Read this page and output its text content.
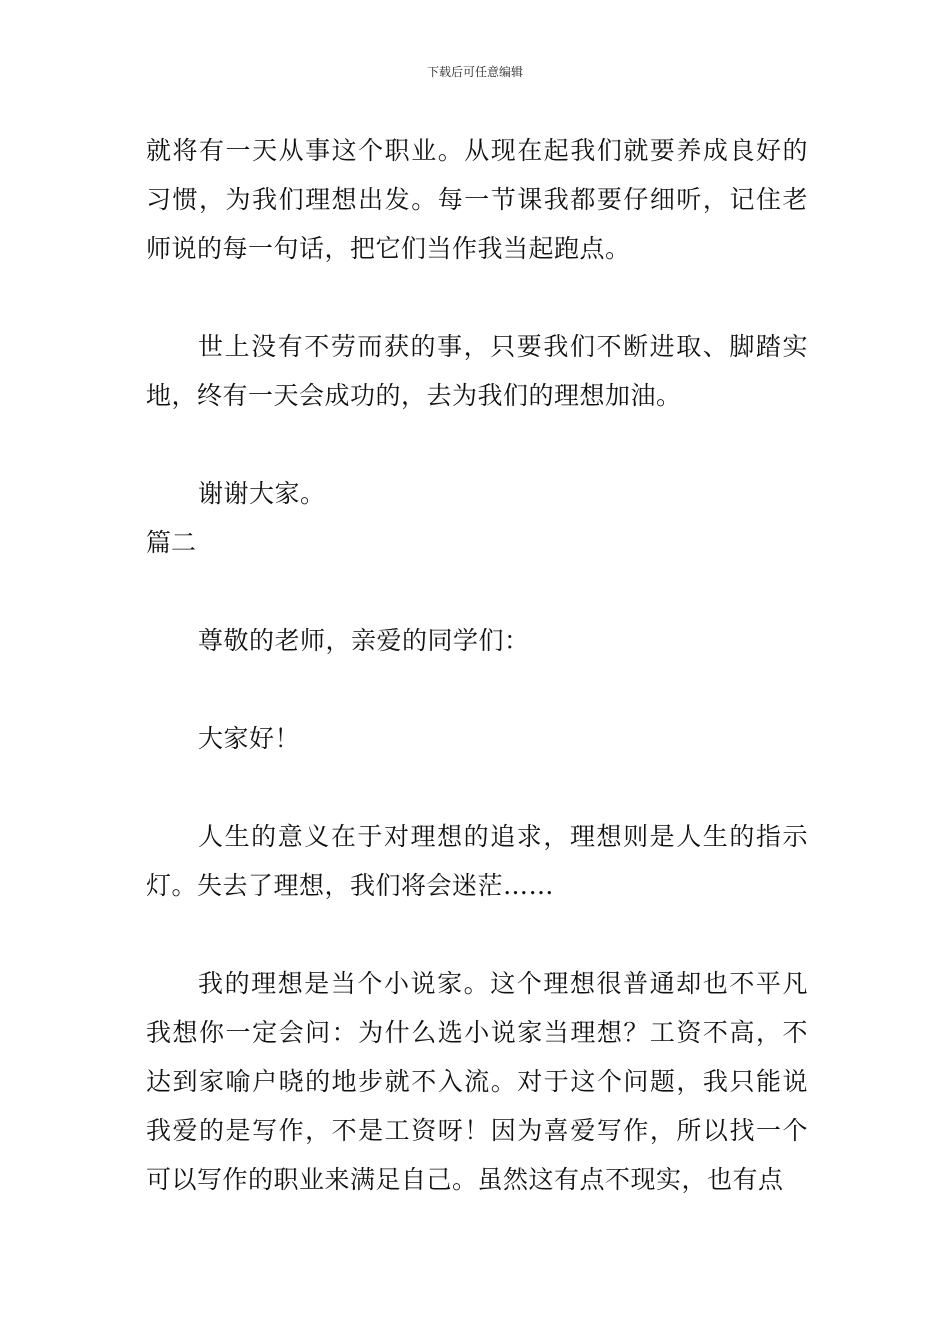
下载后可任意编辑

就将有一天从事这个职业。从现在起我们就要养成良好的习惯，为我们理想出发。每一节课我都要仔细听，记住老师说的每一句话，把它们当作我当起跑点。

世上没有不劳而获的事，只要我们不断进取、脚踏实地，终有一天会成功的，去为我们的理想加油。

谢谢大家。

篇二

尊敬的老师，亲爱的同学们：

大家好！

人生的意义在于对理想的追求，理想则是人生的指示灯。失去了理想，我们将会迷茫……

我的理想是当个小说家。这个理想很普通却也不平凡我想你一定会问：为什么选小说家当理想？工资不高，不达到家喻户晓的地步就不入流。对于这个问题，我只能说我爱的是写作，不是工资呀！因为喜爱写作，所以找一个可以写作的职业来满足自己。虽然这有点不现实，也有点
